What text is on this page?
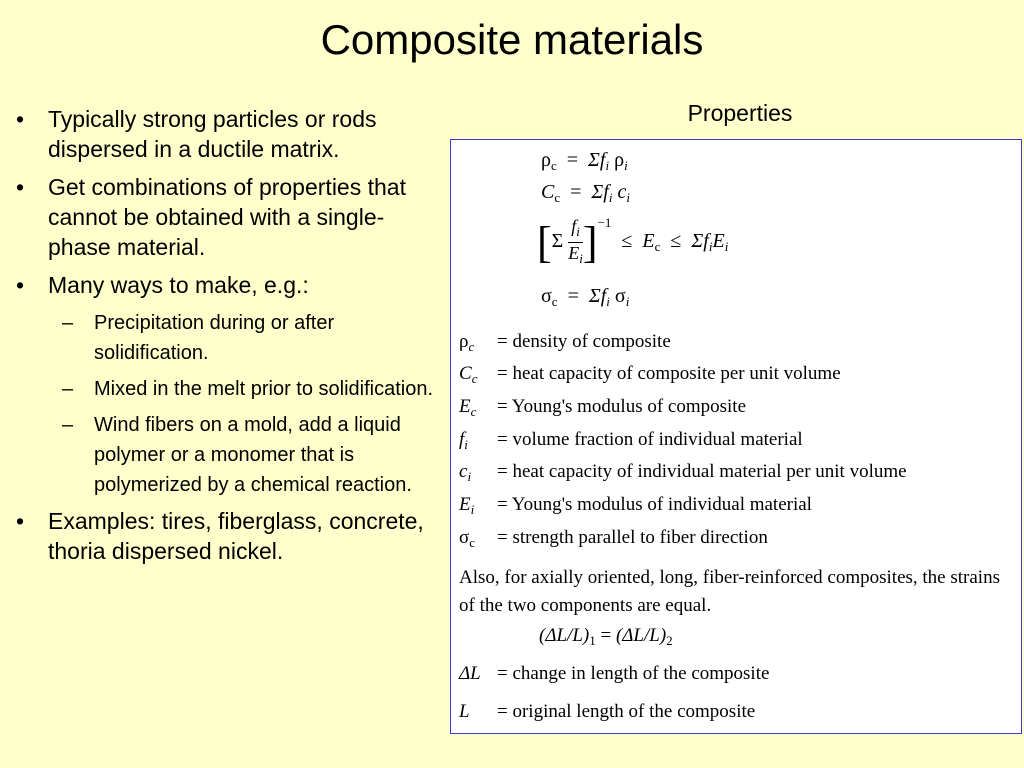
Composite materials
• Typically strong particles or rods dispersed in a ductile matrix.
• Get combinations of properties that cannot be obtained with a single-phase material.
• Many ways to make, e.g.:
– Precipitation during or after solidification.
– Mixed in the melt prior to solidification.
– Wind fibers on a mold, add a liquid polymer or a monomer that is polymerized by a chemical reaction.
• Examples: tires, fiberglass, concrete, thoria dispersed nickel.
Properties
$\rho_c = \Sigma f_i$ $\rho_i$
$C_c = \Sigma f_i$ $c_i$
$[\Sigma \frac{f_i}{E_i} ]^{-1} \le E_c \le \Sigma f_iE_i$
$\sigma_c = \Sigma f_i$ $\sigma_i$
$\rho_c$ = density of composite
$C_c$ = heat capacity of composite per unit volume
$E_c$ = Young's modulus of composite
$f_i$ = volume fraction of individual material
$c_i$ = heat capacity of individual material per unit volume
$E_i$ = Young's modulus of individual material
$\sigma_c$ = strength parallel to fiber direction
Also, for axially oriented, long, fiber-reinforced composites, the strains of the two components are equal.
$(\Delta L/L)_1 = (\Delta L/L)_2$
ΔL = change in length of the composite
L = original length of the composite
